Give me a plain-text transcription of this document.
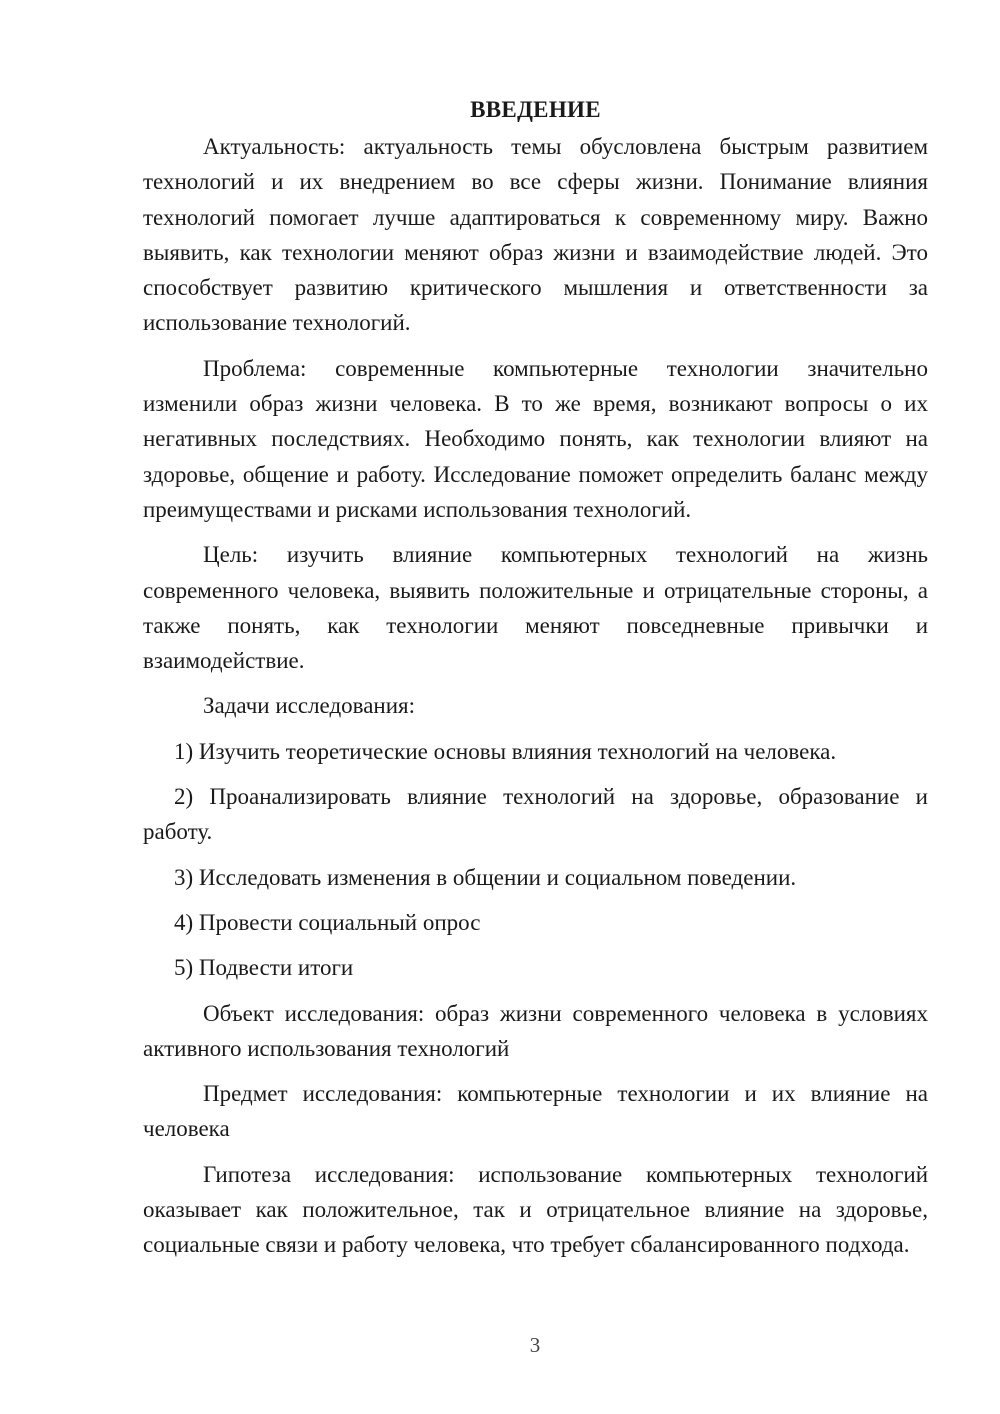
ВВЕДЕНИЕ

Актуальность: актуальность темы обусловлена быстрым развитием технологий и их внедрением во все сферы жизни. Понимание влияния технологий помогает лучше адаптироваться к современному миру. Важно выявить, как технологии меняют образ жизни и взаимодействие людей. Это способствует развитию критического мышления и ответственности за использование технологий.

Проблема: современные компьютерные технологии значительно изменили образ жизни человека. В то же время, возникают вопросы о их негативных последствиях. Необходимо понять, как технологии влияют на здоровье, общение и работу. Исследование поможет определить баланс между преимуществами и рисками использования технологий.

Цель: изучить влияние компьютерных технологий на жизнь современного человека, выявить положительные и отрицательные стороны, а также понять, как технологии меняют повседневные привычки и взаимодействие.

Задачи исследования:

1) Изучить теоретические основы влияния технологий на человека.

2) Проанализировать влияние технологий на здоровье, образование и работу.

3) Исследовать изменения в общении и социальном поведении.

4) Провести социальный опрос

5) Подвести итоги

Объект исследования: образ жизни современного человека в условиях активного использования технологий

Предмет исследования: компьютерные технологии и их влияние на человека

Гипотеза исследования: использование компьютерных технологий оказывает как положительное, так и отрицательное влияние на здоровье, социальные связи и работу человека, что требует сбалансированного подхода.

3
